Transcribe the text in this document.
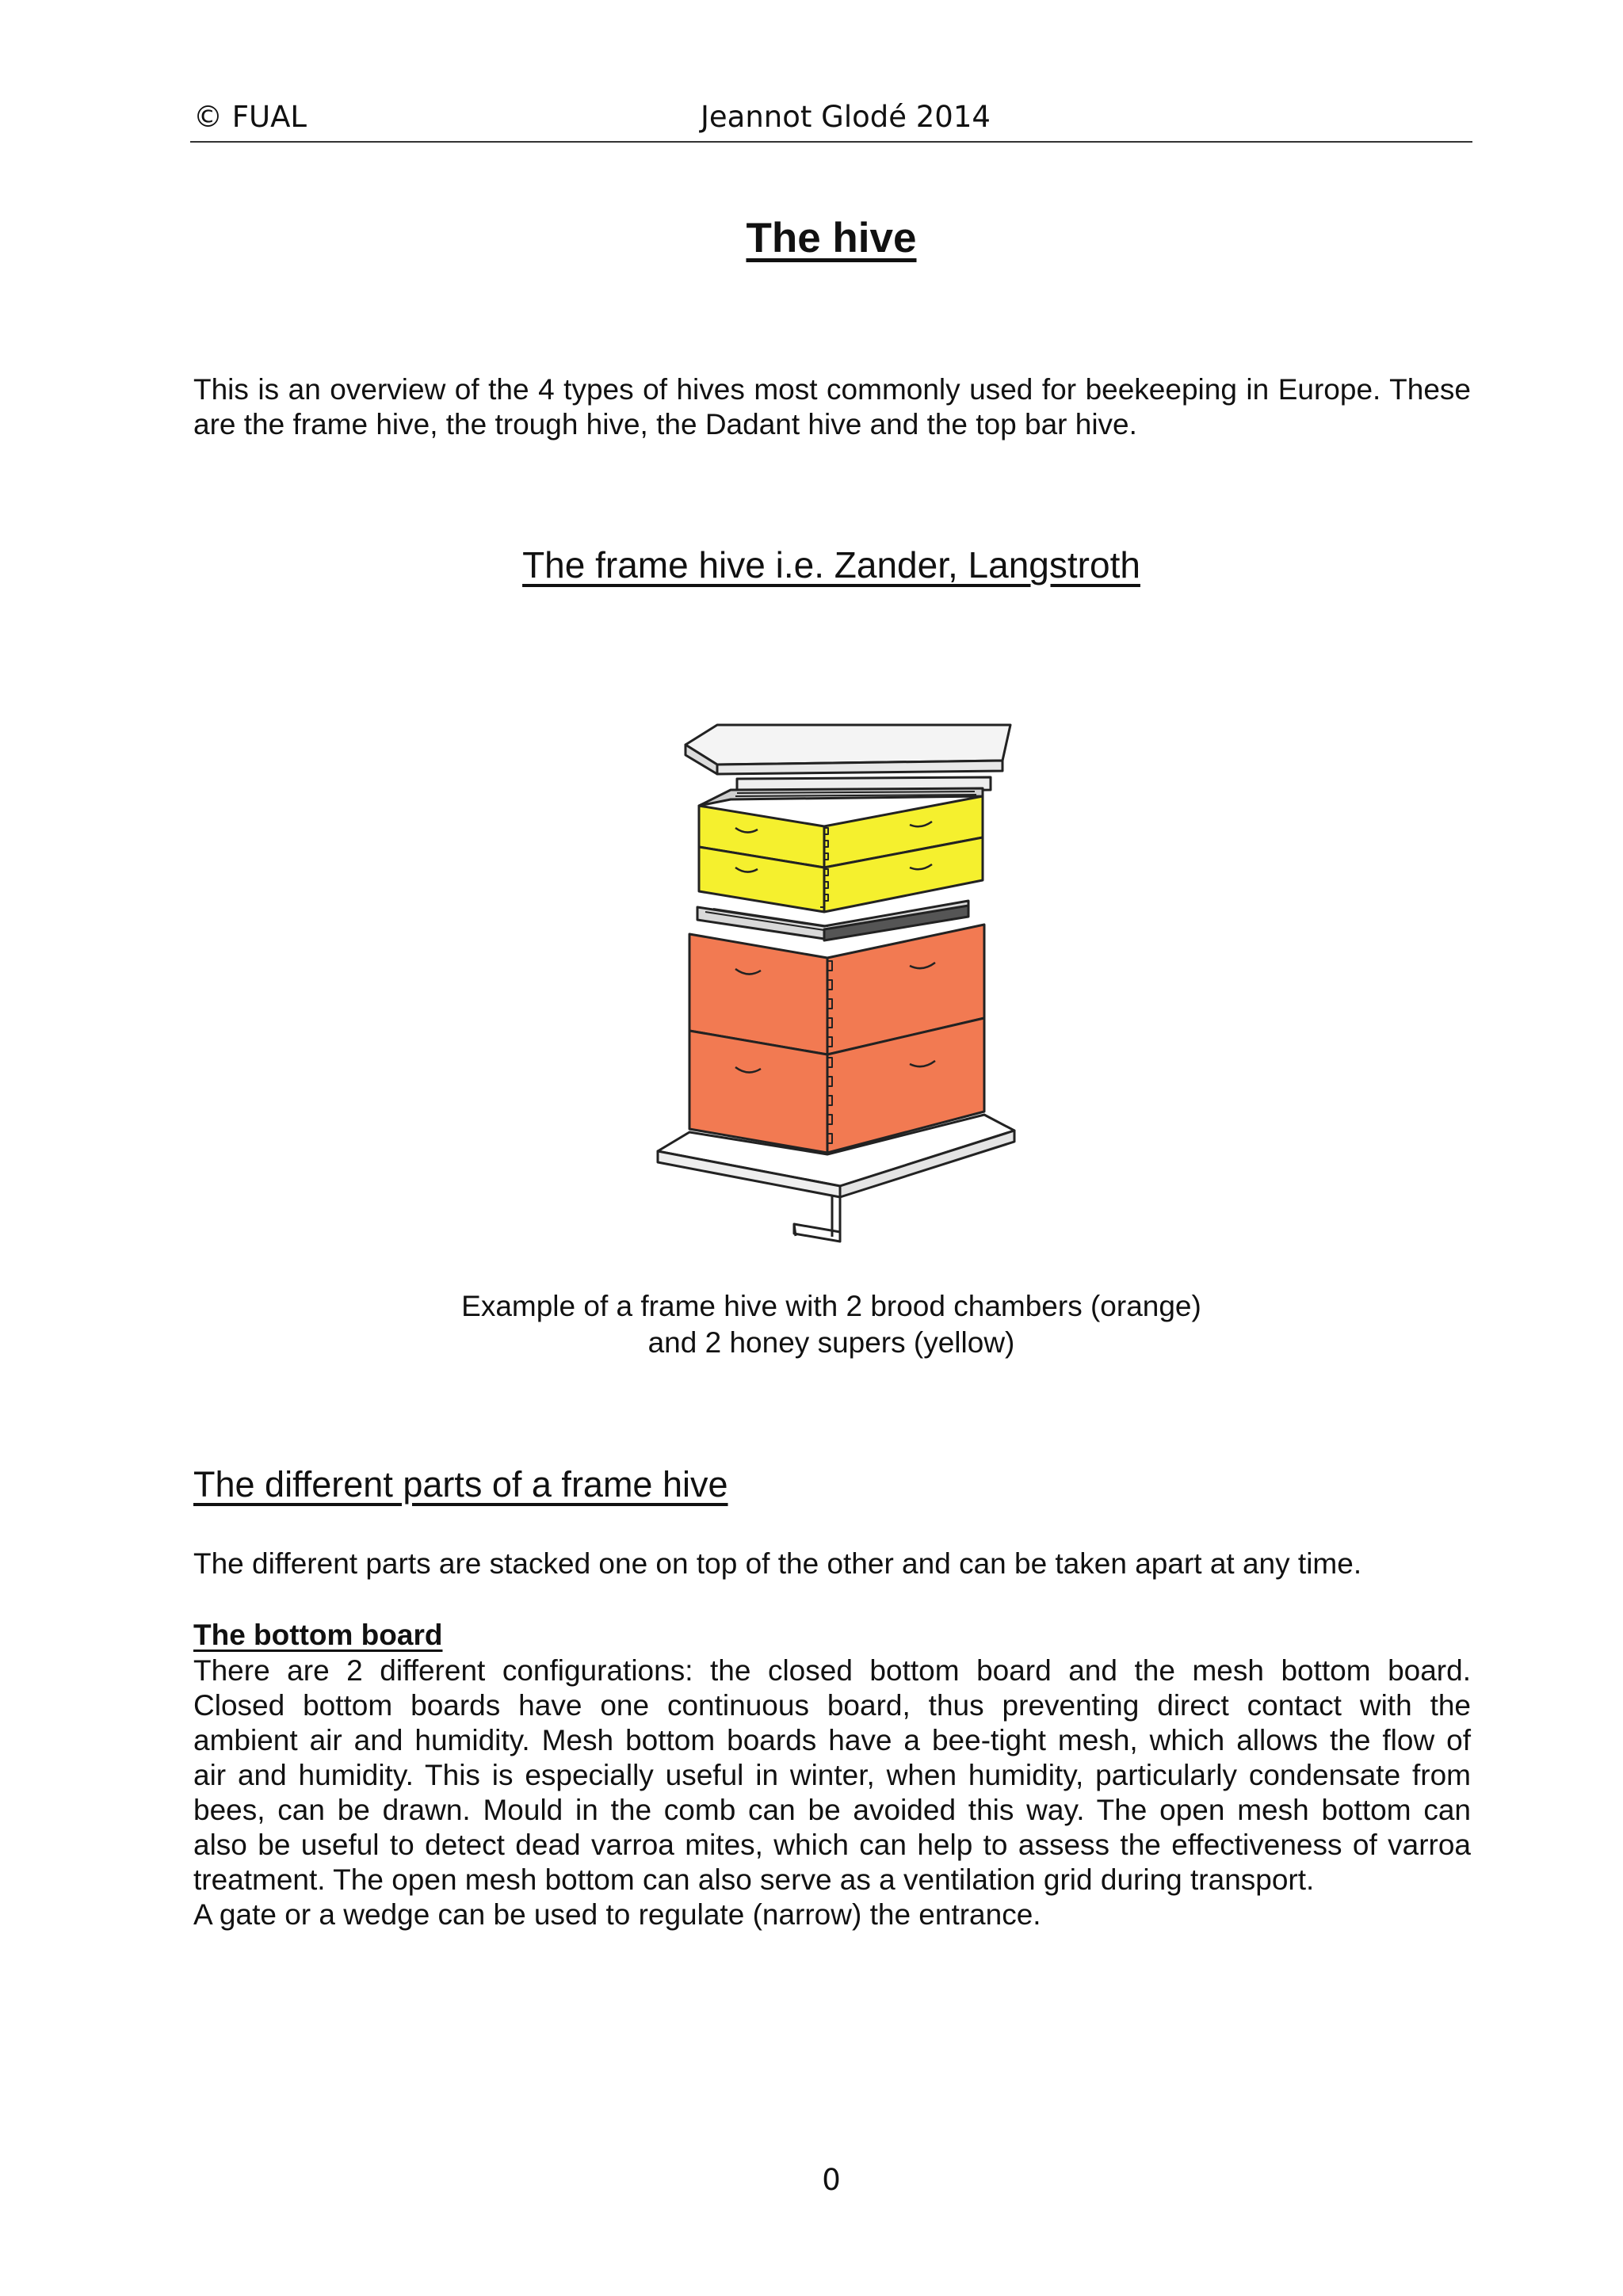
© FUAL	Jeannot Glodé 2014
The hive
This is an overview of the 4 types of hives most commonly used for beekeeping in Europe. These are the frame hive, the trough hive, the Dadant hive and the top bar hive.
The frame hive i.e. Zander, Langstroth
Example of a frame hive with 2 brood chambers (orange)
and 2 honey supers (yellow)
The different parts of a frame hive
The different parts are stacked one on top of the other and can be taken apart at any time.
The bottom board
There are 2 different configurations: the closed bottom board and the mesh bottom board.
Closed bottom boards have one continuous board, thus preventing direct contact with the
ambient air and humidity. Mesh bottom boards have a bee-tight mesh, which allows the flow of
air and humidity. This is especially useful in winter, when humidity, particularly condensate from
bees, can be drawn. Mould in the comb can be avoided this way. The open mesh bottom can
also be useful to detect dead varroa mites, which can help to assess the effectiveness of varroa
treatment. The open mesh bottom can also serve as a ventilation grid during transport.
A gate or a wedge can be used to regulate (narrow) the entrance.
0
